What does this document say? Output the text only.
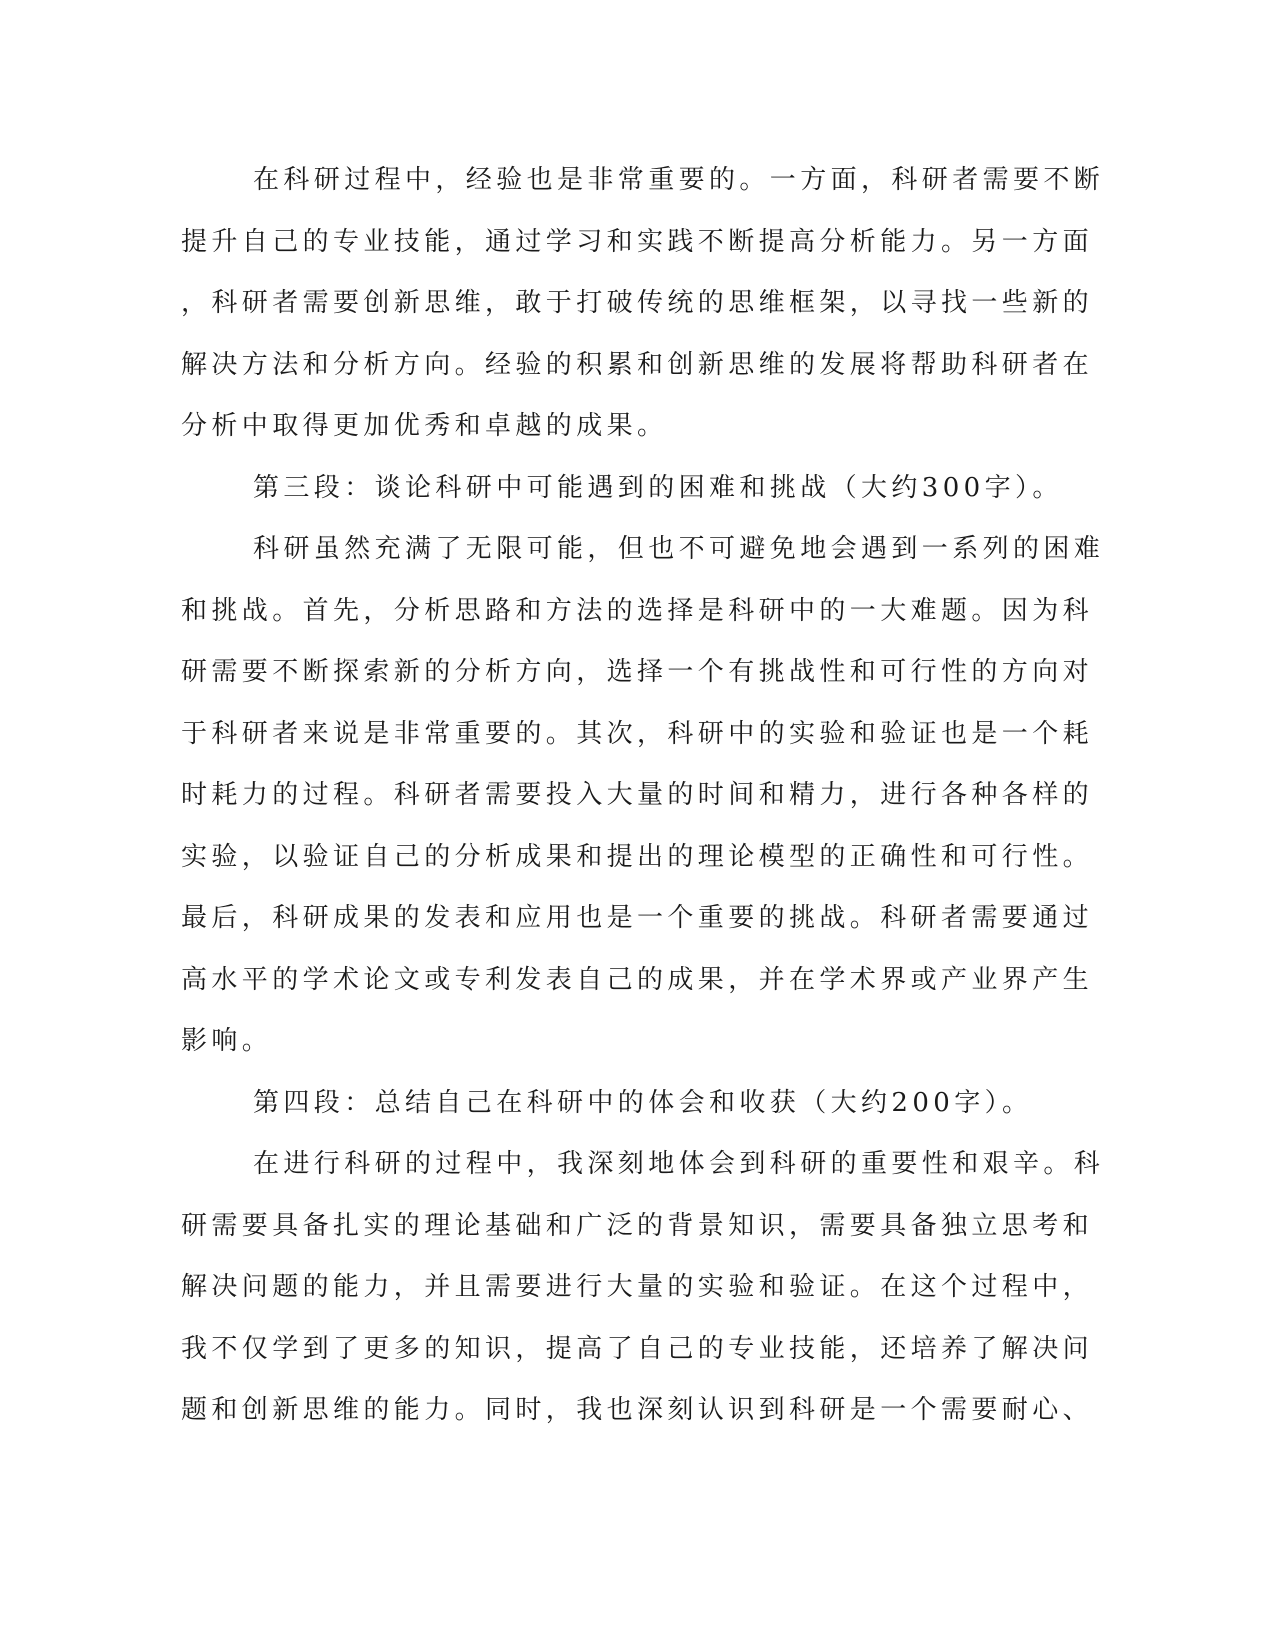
在科研过程中，经验也是非常重要的。一方面，科研者需要不断
提升自己的专业技能，通过学习和实践不断提高分析能力。另一方面
，科研者需要创新思维，敢于打破传统的思维框架，以寻找一些新的
解决方法和分析方向。经验的积累和创新思维的发展将帮助科研者在
分析中取得更加优秀和卓越的成果。
第三段：谈论科研中可能遇到的困难和挑战（大约300字）。
科研虽然充满了无限可能，但也不可避免地会遇到一系列的困难
和挑战。首先，分析思路和方法的选择是科研中的一大难题。因为科
研需要不断探索新的分析方向，选择一个有挑战性和可行性的方向对
于科研者来说是非常重要的。其次，科研中的实验和验证也是一个耗
时耗力的过程。科研者需要投入大量的时间和精力，进行各种各样的
实验，以验证自己的分析成果和提出的理论模型的正确性和可行性。
最后，科研成果的发表和应用也是一个重要的挑战。科研者需要通过
高水平的学术论文或专利发表自己的成果，并在学术界或产业界产生
影响。
第四段：总结自己在科研中的体会和收获（大约200字）。
在进行科研的过程中，我深刻地体会到科研的重要性和艰辛。科
研需要具备扎实的理论基础和广泛的背景知识，需要具备独立思考和
解决问题的能力，并且需要进行大量的实验和验证。在这个过程中，
我不仅学到了更多的知识，提高了自己的专业技能，还培养了解决问
题和创新思维的能力。同时，我也深刻认识到科研是一个需要耐心、
